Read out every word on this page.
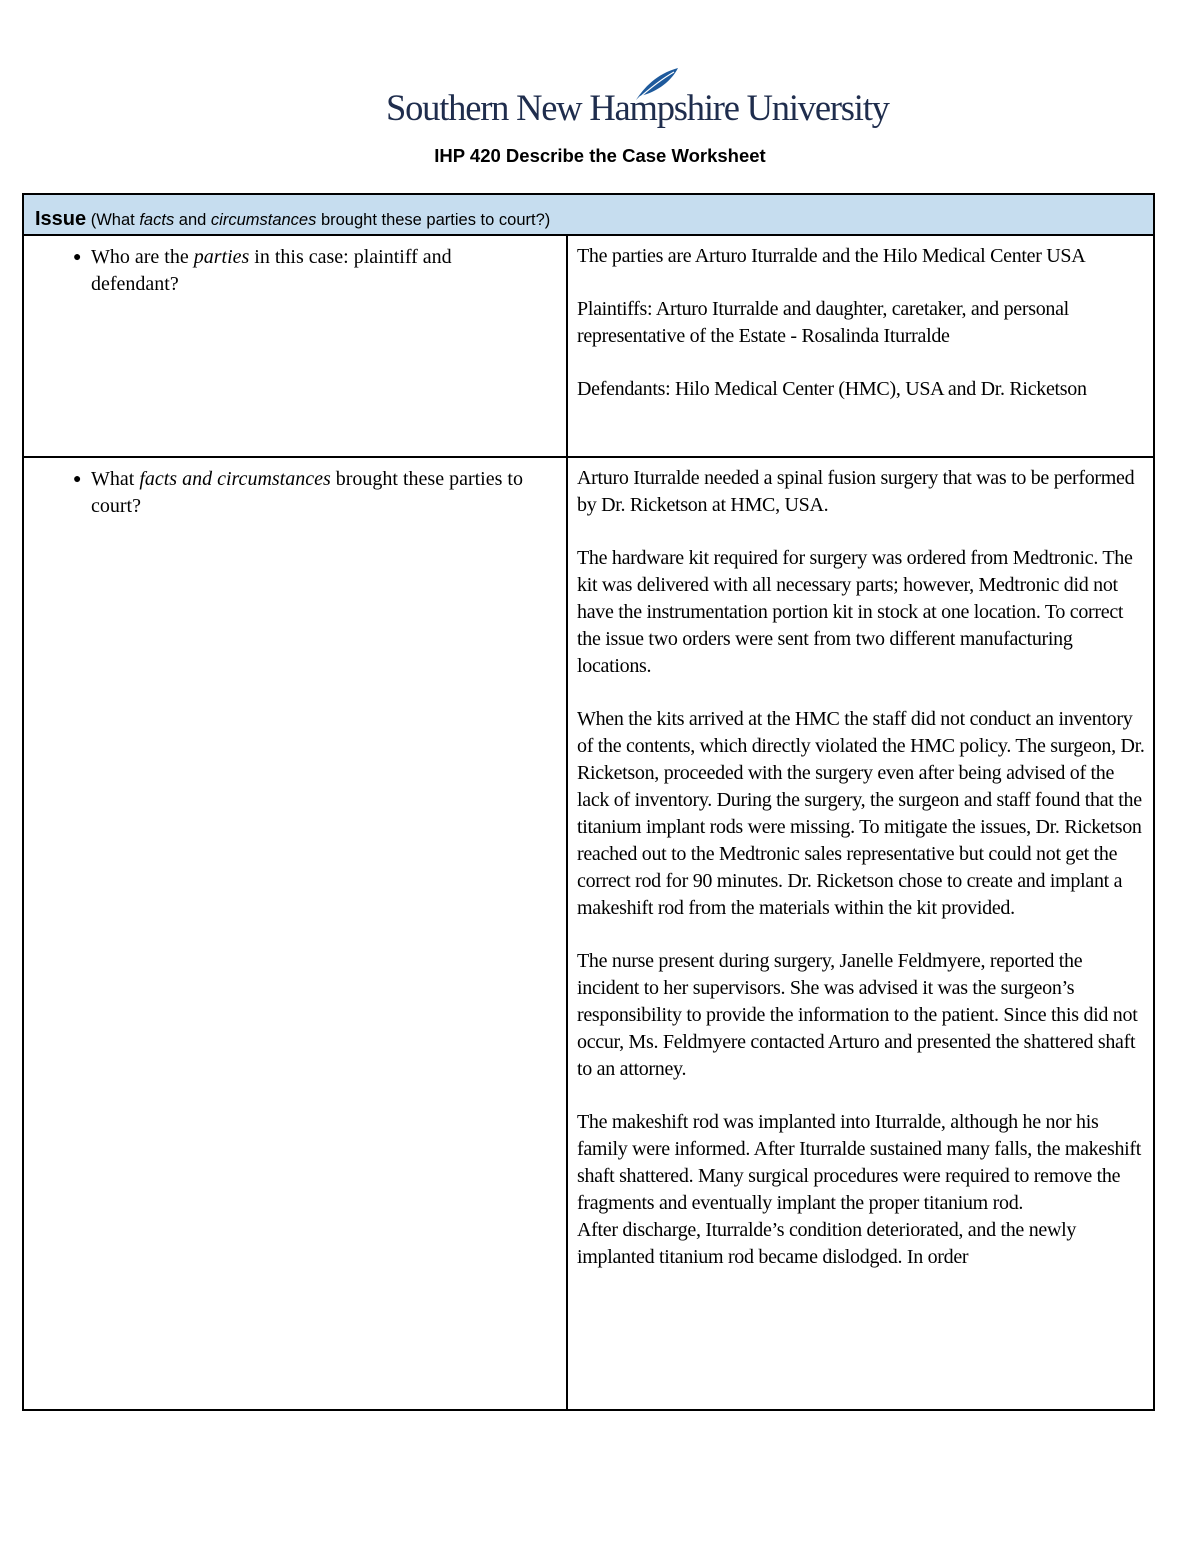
Southern New Hampshire University
IHP 420 Describe the Case Worksheet
Issue (What facts and circumstances brought these parties to court?)
● Who are the parties in this case: plaintiff and defendant?

The parties are Arturo Iturralde and the Hilo Medical Center USA

Plaintiffs: Arturo Iturralde and daughter, caretaker, and personal representative of the Estate - Rosalinda Iturralde

Defendants: Hilo Medical Center (HMC), USA and Dr. Ricketson

● What facts and circumstances brought these parties to court?

Arturo Iturralde needed a spinal fusion surgery that was to be performed by Dr. Ricketson at HMC, USA.

The hardware kit required for surgery was ordered from Medtronic. The kit was delivered with all necessary parts; however, Medtronic did not have the instrumentation portion kit in stock at one location. To correct the issue two orders were sent from two different manufacturing locations.

When the kits arrived at the HMC the staff did not conduct an inventory of the contents, which directly violated the HMC policy. The surgeon, Dr. Ricketson, proceeded with the surgery even after being advised of the lack of inventory. During the surgery, the surgeon and staff found that the titanium implant rods were missing. To mitigate the issues, Dr. Ricketson reached out to the Medtronic sales representative but could not get the correct rod for 90 minutes. Dr. Ricketson chose to create and implant a makeshift rod from the materials within the kit provided.

The nurse present during surgery, Janelle Feldmyere, reported the incident to her supervisors. She was advised it was the surgeon’s responsibility to provide the information to the patient. Since this did not occur, Ms. Feldmyere contacted Arturo and presented the shattered shaft to an attorney.

The makeshift rod was implanted into Iturralde, although he nor his family were informed. After Iturralde sustained many falls, the makeshift shaft shattered. Many surgical procedures were required to remove the fragments and eventually implant the proper titanium rod.

After discharge, Iturralde’s condition deteriorated, and the newly implanted titanium rod became dislodged. In order
